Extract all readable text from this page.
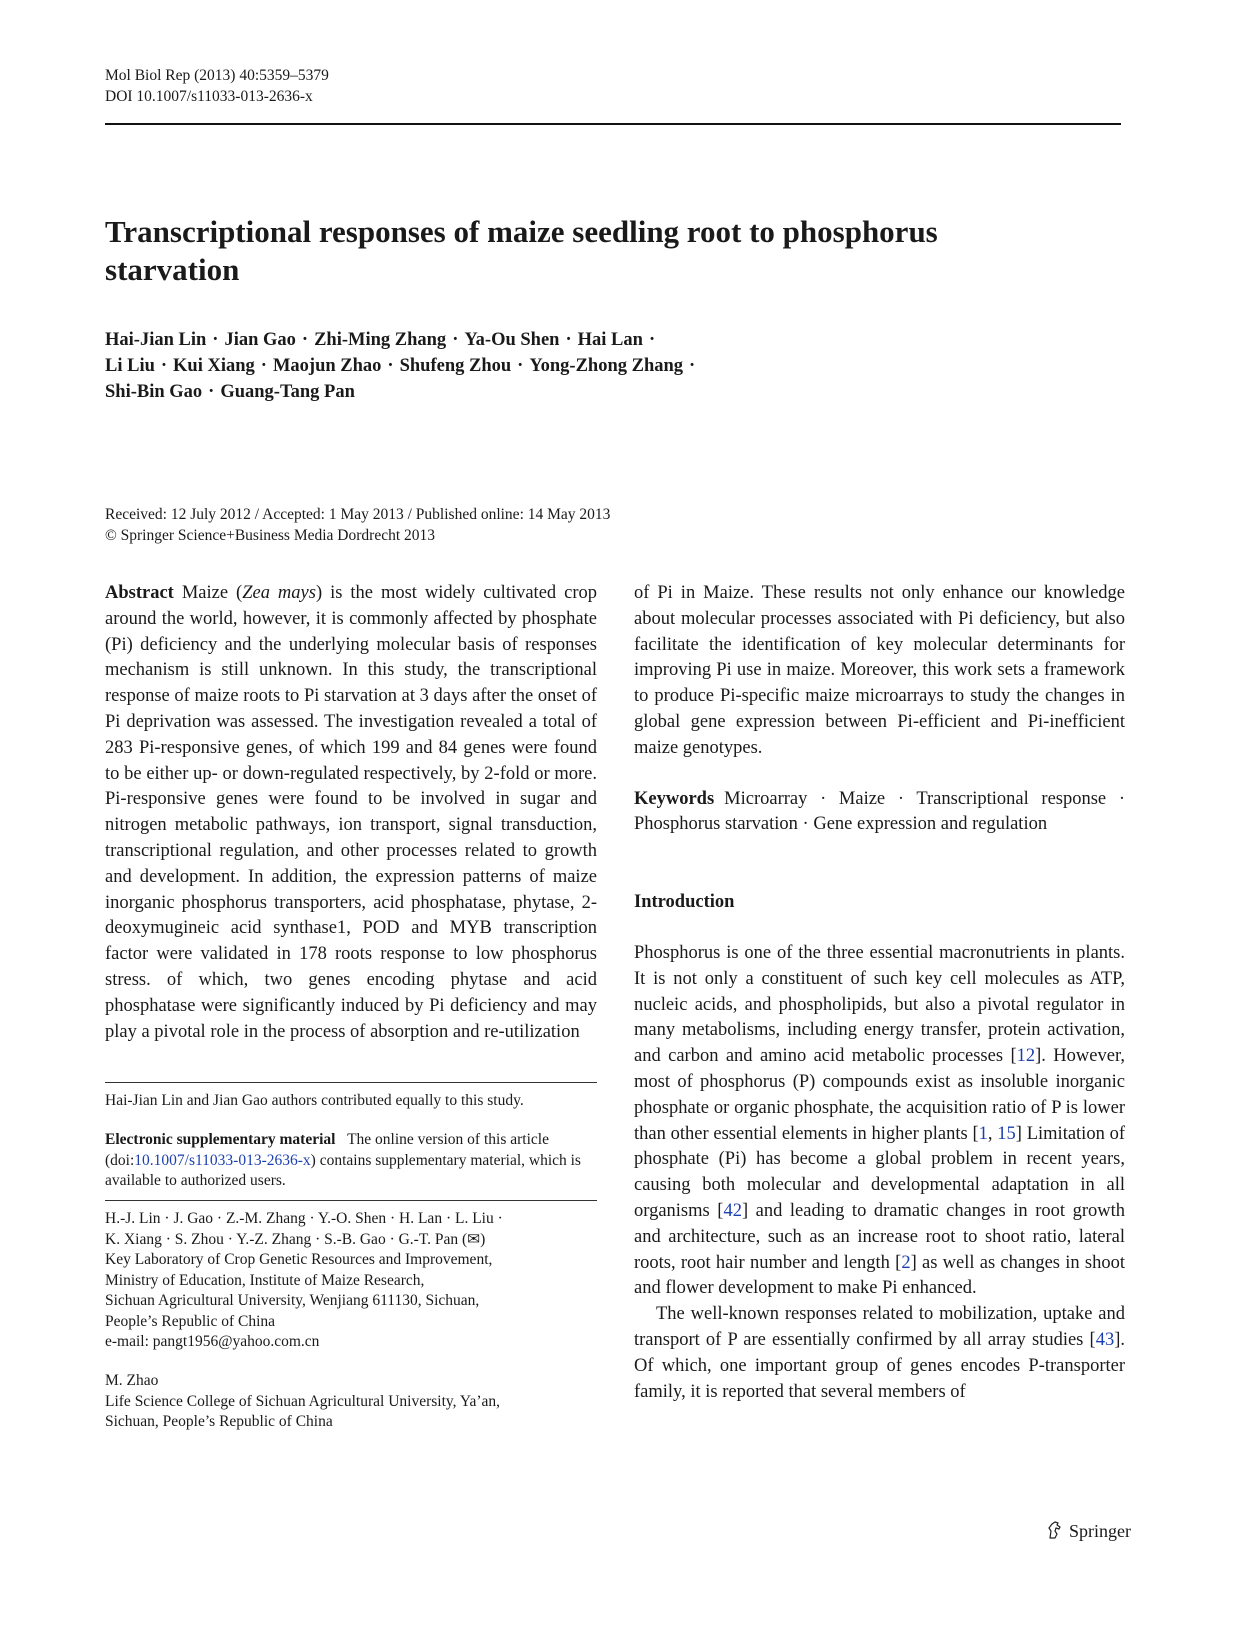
Mol Biol Rep (2013) 40:5359–5379
DOI 10.1007/s11033-013-2636-x
Transcriptional responses of maize seedling root to phosphorus
starvation
Hai-Jian Lin · Jian Gao · Zhi-Ming Zhang · Ya-Ou Shen · Hai Lan ·
Li Liu · Kui Xiang · Maojun Zhao · Shufeng Zhou · Yong-Zhong Zhang ·
Shi-Bin Gao · Guang-Tang Pan
Received: 12 July 2012 / Accepted: 1 May 2013 / Published online: 14 May 2013
© Springer Science+Business Media Dordrecht 2013

Abstract Maize (Zea mays) is the most widely cultivated crop around the world, however, it is commonly affected by phosphate (Pi) deficiency and the underlying molecular basis of responses mechanism is still unknown. In this study, the transcriptional response of maize roots to Pi starvation at 3 days after the onset of Pi deprivation was assessed. The investigation revealed a total of 283 Pi-responsive genes, of which 199 and 84 genes were found to be either up- or down-regulated respectively, by 2-fold or more. Pi-responsive genes were found to be involved in sugar and nitrogen metabolic pathways, ion transport, signal transduction, transcriptional regulation, and other processes related to growth and development. In addition, the expression patterns of maize inorganic phosphorus transporters, acid phosphatase, phytase, 2-deoxymugineic acid synthase1, POD and MYB transcription factor were validated in 178 roots response to low phosphorus stress. of which, two genes encoding phytase and acid phosphatase were significantly induced by Pi deficiency and may play a pivotal role in the process of absorption and re-utilization

Hai-Jian Lin and Jian Gao authors contributed equally to this study.
Electronic supplementary material The online version of this article (doi:10.1007/s11033-013-2636-x) contains supplementary material, which is available to authorized users.
H.-J. Lin · J. Gao · Z.-M. Zhang · Y.-O. Shen · H. Lan · L. Liu ·
K. Xiang · S. Zhou · Y.-Z. Zhang · S.-B. Gao · G.-T. Pan (✉)
Key Laboratory of Crop Genetic Resources and Improvement,
Ministry of Education, Institute of Maize Research,
Sichuan Agricultural University, Wenjiang 611130, Sichuan,
People’s Republic of China
e-mail: pangt1956@yahoo.com.cn
M. Zhao
Life Science College of Sichuan Agricultural University, Ya’an,
Sichuan, People’s Republic of China

of Pi in Maize. These results not only enhance our knowledge about molecular processes associated with Pi deficiency, but also facilitate the identification of key molecular determinants for improving Pi use in maize. Moreover, this work sets a framework to produce Pi-specific maize microarrays to study the changes in global gene expression between Pi-efficient and Pi-inefficient maize genotypes.

Keywords Microarray · Maize · Transcriptional response · Phosphorus starvation · Gene expression and regulation

Introduction

Phosphorus is one of the three essential macronutrients in plants. It is not only a constituent of such key cell molecules as ATP, nucleic acids, and phospholipids, but also a pivotal regulator in many metabolisms, including energy transfer, protein activation, and carbon and amino acid metabolic processes [12]. However, most of phosphorus (P) compounds exist as insoluble inorganic phosphate or organic phosphate, the acquisition ratio of P is lower than other essential elements in higher plants [1, 15] Limitation of phosphate (Pi) has become a global problem in recent years, causing both molecular and developmental adaptation in all organisms [42] and leading to dramatic changes in root growth and architecture, such as an increase root to shoot ratio, lateral roots, root hair number and length [2] as well as changes in shoot and flower development to make Pi enhanced.

The well-known responses related to mobilization, uptake and transport of P are essentially confirmed by all array studies [43]. Of which, one important group of genes encodes P-transporter family, it is reported that several members of

Springer
